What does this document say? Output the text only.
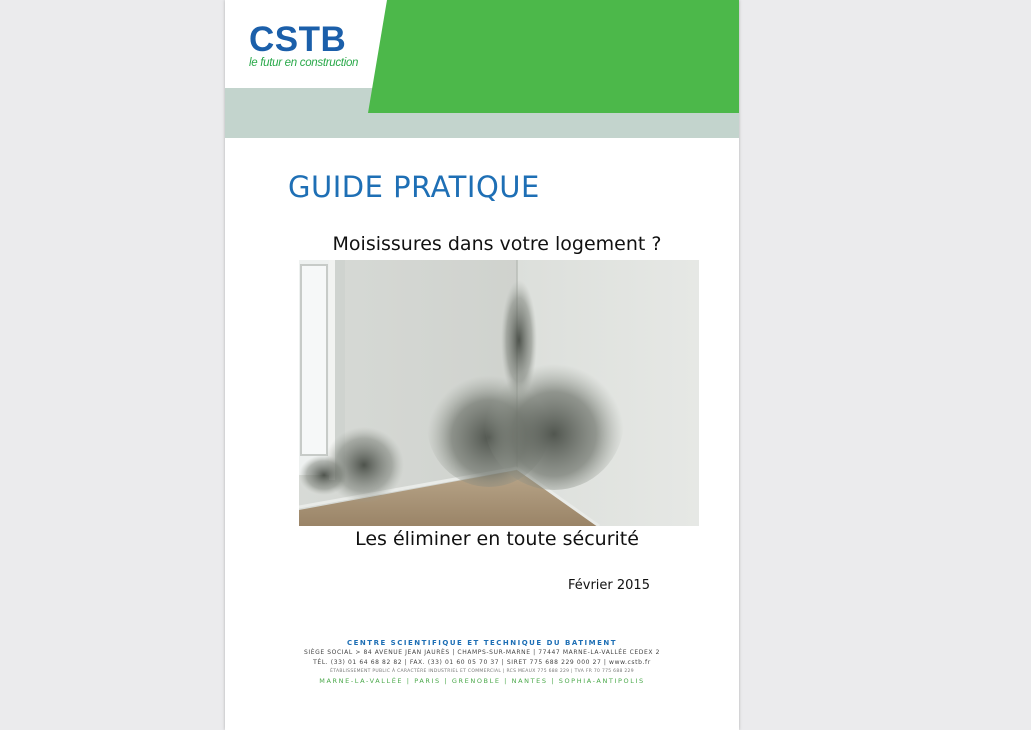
CSTB
le futur en construction
GUIDE PRATIQUE
Moisissures dans votre logement ?
Les éliminer en toute sécurité
Février 2015
CENTRE SCIENTIFIQUE ET TECHNIQUE DU BATIMENT
SIÈGE SOCIAL > 84 AVENUE JEAN JAURÈS | CHAMPS-SUR-MARNE | 77447 MARNE-LA-VALLÉE CEDEX 2
TÉL. (33) 01 64 68 82 82 | FAX. (33) 01 60 05 70 37 | SIRET 775 688 229 000 27 | www.cstb.fr
ÉTABLISSEMENT PUBLIC À CARACTÈRE INDUSTRIEL ET COMMERCIAL | RCS MEAUX 775 688 229 | TVA FR 70 775 688 229
MARNE-LA-VALLÉE | PARIS | GRENOBLE | NANTES | SOPHIA-ANTIPOLIS
